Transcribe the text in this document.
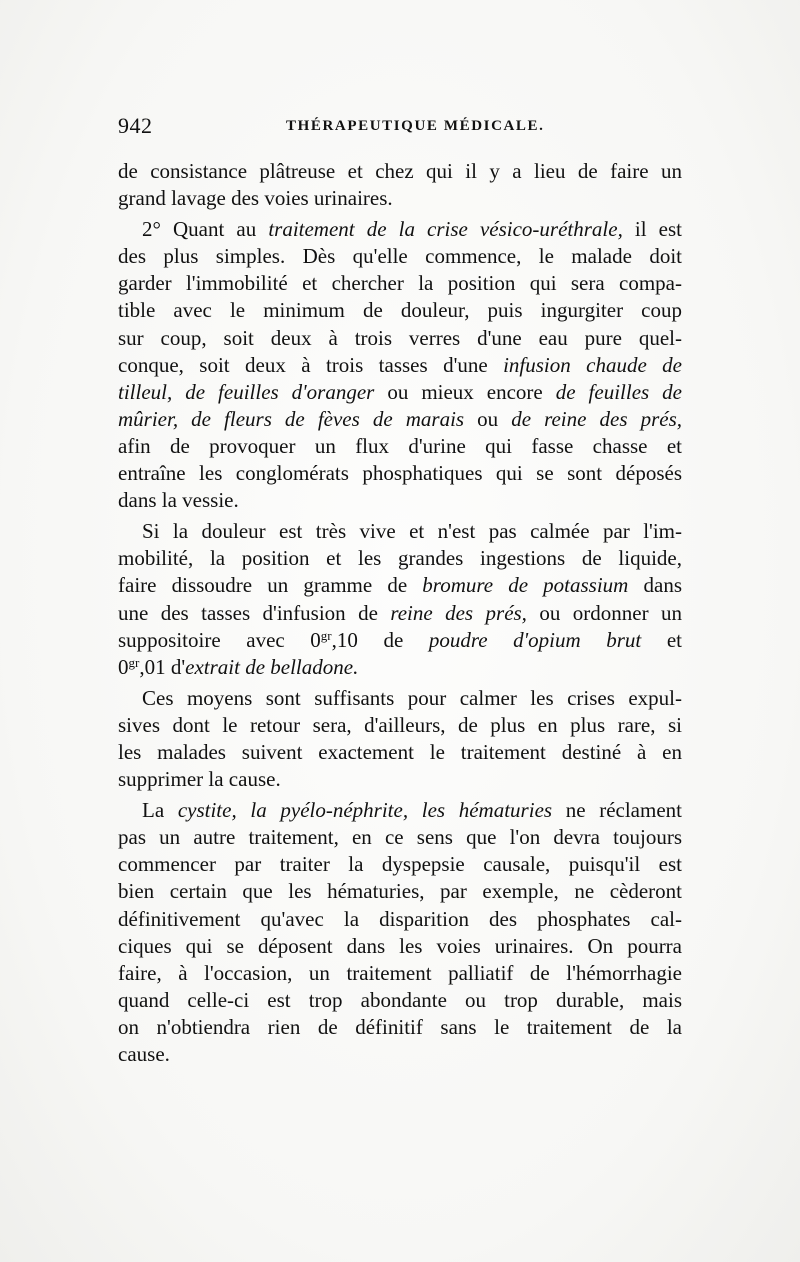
942	THÉRAPEUTIQUE MÉDICALE.
de consistance plâtreuse et chez qui il y a lieu de faire un
grand lavage des voies urinaires.
2° Quant au traitement de la crise vésico-uréthrale, il est
des plus simples. Dès qu'elle commence, le malade doit
garder l'immobilité et chercher la position qui sera compa-
tible avec le minimum de douleur, puis ingurgiter coup
sur coup, soit deux à trois verres d'une eau pure quel-
conque, soit deux à trois tasses d'une infusion chaude de
tilleul, de feuilles d'oranger ou mieux encore de feuilles de
mûrier, de fleurs de fèves de marais ou de reine des prés,
afin de provoquer un flux d'urine qui fasse chasse et
entraîne les conglomérats phosphatiques qui se sont déposés
dans la vessie.
Si la douleur est très vive et n'est pas calmée par l'im-
mobilité, la position et les grandes ingestions de liquide,
faire dissoudre un gramme de bromure de potassium dans
une des tasses d'infusion de reine des prés, ou ordonner un
suppositoire avec $0^{gr},10$ de poudre d'opium brut et
$0^{gr},01$ d'extrait de belladone.
Ces moyens sont suffisants pour calmer les crises expul-
sives dont le retour sera, d'ailleurs, de plus en plus rare, si
les malades suivent exactement le traitement destiné à en
supprimer la cause.
La cystite, la pyélo-néphrite, les hématuries ne réclament
pas un autre traitement, en ce sens que l'on devra toujours
commencer par traiter la dyspepsie causale, puisqu'il est
bien certain que les hématuries, par exemple, ne cèderont
définitivement qu'avec la disparition des phosphates cal-
ciques qui se déposent dans les voies urinaires. On pourra
faire, à l'occasion, un traitement palliatif de l'hémorrhagie
quand celle-ci est trop abondante ou trop durable, mais
on n'obtiendra rien de définitif sans le traitement de la
cause.
